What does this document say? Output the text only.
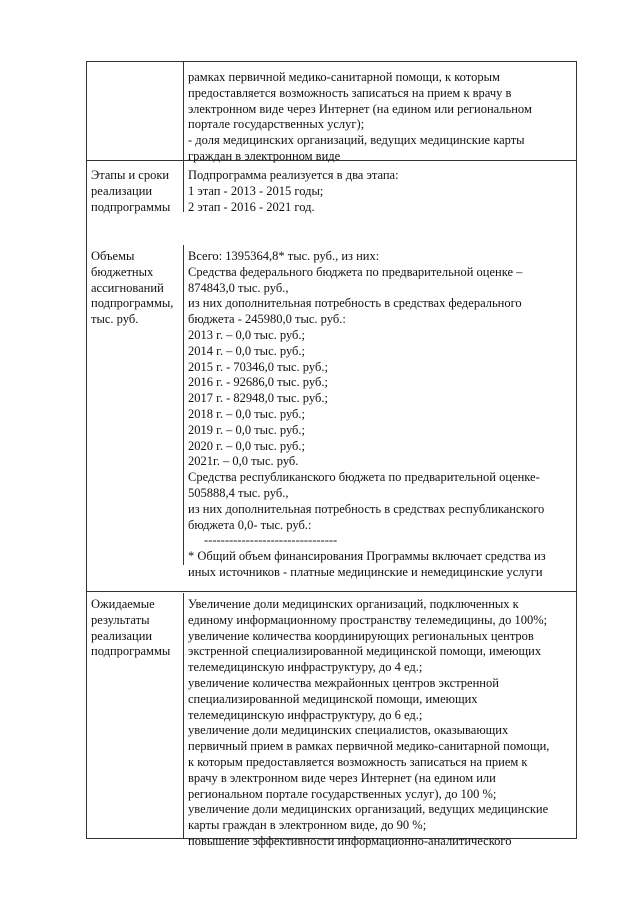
рамках первичной медико-санитарной помощи, к которым
предоставляется возможность записаться на прием к врачу в
электронном виде через Интернет (на едином или региональном
портале государственных услуг);
- доля медицинских организаций, ведущих медицинские карты
граждан в электронном виде
Этапы и сроки
реализации
подпрограммы
Подпрограмма реализуется в два этапа:
1 этап - 2013 - 2015 годы;
2 этап - 2016 - 2021 год.
Объемы
бюджетных
ассигнований
подпрограммы,
тыс. руб.
Всего: 1395364,8* тыс. руб., из них:
Средства федерального бюджета по предварительной оценке –
874843,0 тыс. руб.,
из них дополнительная потребность в средствах федерального
бюджета - 245980,0 тыс. руб.:
2013 г. – 0,0 тыс. руб.;
2014 г. – 0,0 тыс. руб.;
2015 г. - 70346,0 тыс. руб.;
2016 г. - 92686,0 тыс. руб.;
2017 г. - 82948,0 тыс. руб.;
2018 г. – 0,0 тыс. руб.;
2019 г. – 0,0 тыс. руб.;
2020 г. – 0,0 тыс. руб.;
2021г. – 0,0 тыс. руб.
Средства республиканского бюджета по предварительной оценке-
505888,4 тыс. руб.,
из них дополнительная потребность в средствах республиканского
бюджета 0,0- тыс. руб.:
--------------------------------
* Общий объем финансирования Программы включает средства из
иных источников - платные медицинские и немедицинские услуги
Ожидаемые
результаты
реализации
подпрограммы
Увеличение доли медицинских организаций, подключенных к
единому информационному пространству телемедицины, до 100%;
увеличение количества координирующих региональных центров
экстренной специализированной медицинской помощи, имеющих
телемедицинскую инфраструктуру, до 4 ед.;
увеличение количества межрайонных центров экстренной
специализированной медицинской помощи, имеющих
телемедицинскую инфраструктуру, до 6 ед.;
увеличение доли медицинских специалистов, оказывающих
первичный прием в рамках первичной медико-санитарной помощи,
к которым предоставляется возможность записаться на прием к
врачу в электронном виде через Интернет (на едином или
региональном портале государственных услуг), до 100 %;
увеличение доли медицинских организаций, ведущих медицинские
карты граждан в электронном виде, до 90 %;
повышение эффективности информационно-аналитического
